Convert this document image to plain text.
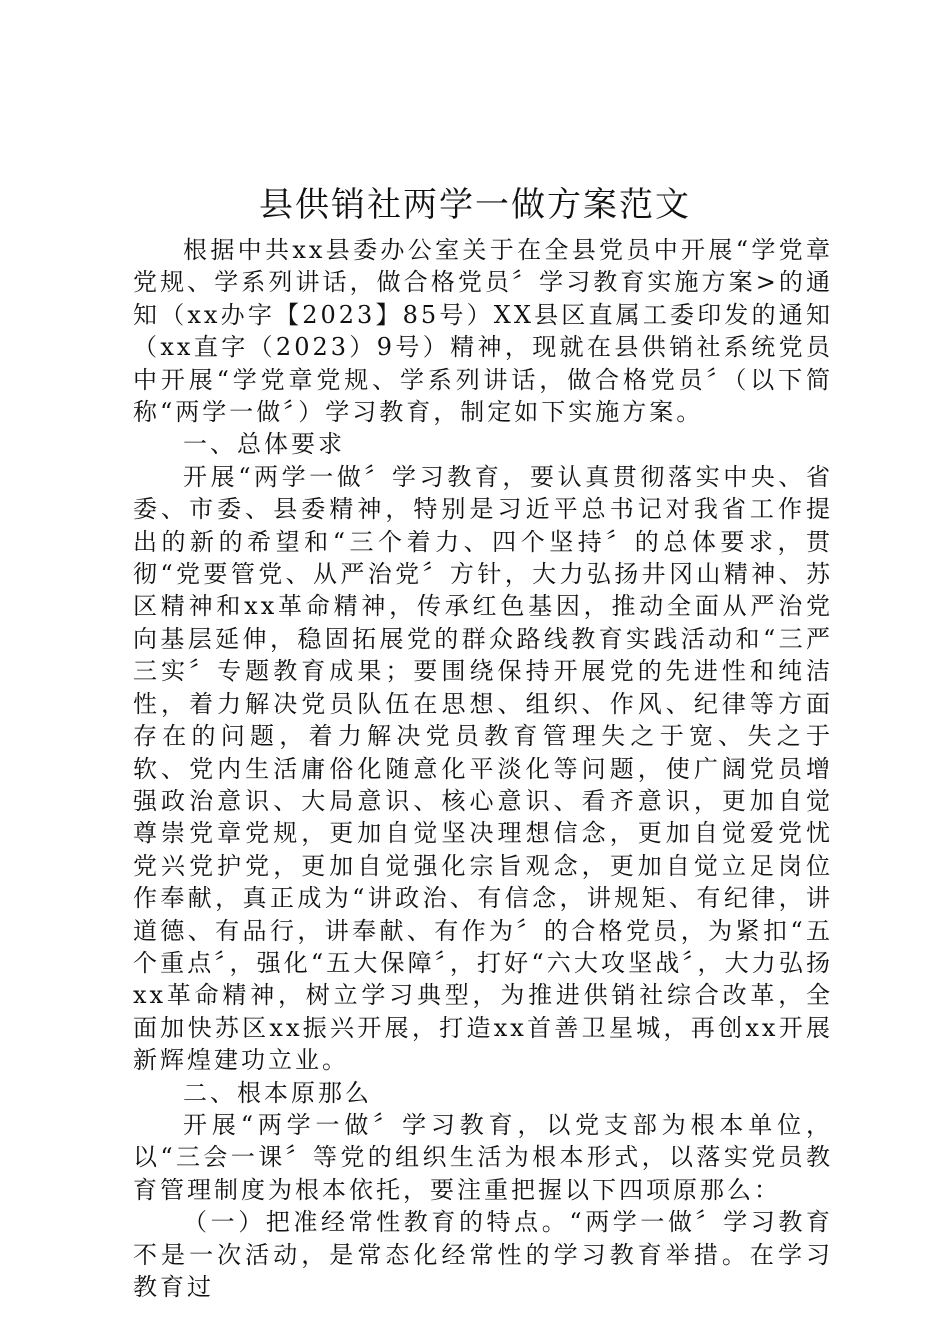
县供销社两学一做方案范文

根据中共xx县委办公室关于在全县党员中开展“学党章党规、学系列讲话，做合格党员〞学习教育实施方案>的通知（xx办字【2023】85号）XX县区直属工委印发的通知（xx直字（2023）9号）精神，现就在县供销社系统党员中开展“学党章党规、学系列讲话，做合格党员〞（以下简称“两学一做〞）学习教育，制定如下实施方案。

一、总体要求

开展“两学一做〞学习教育，要认真贯彻落实中央、省委、市委、县委精神，特别是习近平总书记对我省工作提出的新的希望和“三个着力、四个坚持〞的总体要求，贯彻“党要管党、从严治党〞方针，大力弘扬井冈山精神、苏区精神和xx革命精神，传承红色基因，推动全面从严治党向基层延伸，稳固拓展党的群众路线教育实践活动和“三严三实〞专题教育成果；要围绕保持开展党的先进性和纯洁性，着力解决党员队伍在思想、组织、作风、纪律等方面存在的问题，着力解决党员教育管理失之于宽、失之于软、党内生活庸俗化随意化平淡化等问题，使广阔党员增强政治意识、大局意识、核心意识、看齐意识，更加自觉尊崇党章党规，更加自觉坚决理想信念，更加自觉爱党忧党兴党护党，更加自觉强化宗旨观念，更加自觉立足岗位作奉献，真正成为“讲政治、有信念，讲规矩、有纪律，讲道德、有品行，讲奉献、有作为〞的合格党员，为紧扣“五个重点〞，强化“五大保障〞，打好“六大攻坚战〞，大力弘扬xx革命精神，树立学习典型，为推进供销社综合改革，全面加快苏区xx振兴开展，打造xx首善卫星城，再创xx开展新辉煌建功立业。

二、根本原那么

开展“两学一做〞学习教育，以党支部为根本单位，以“三会一课〞等党的组织生活为根本形式，以落实党员教育管理制度为根本依托，要注重把握以下四项原那么：

（一）把准经常性教育的特点。“两学一做〞学习教育不是一次活动，是常态化经常性的学习教育举措。在学习教育过
